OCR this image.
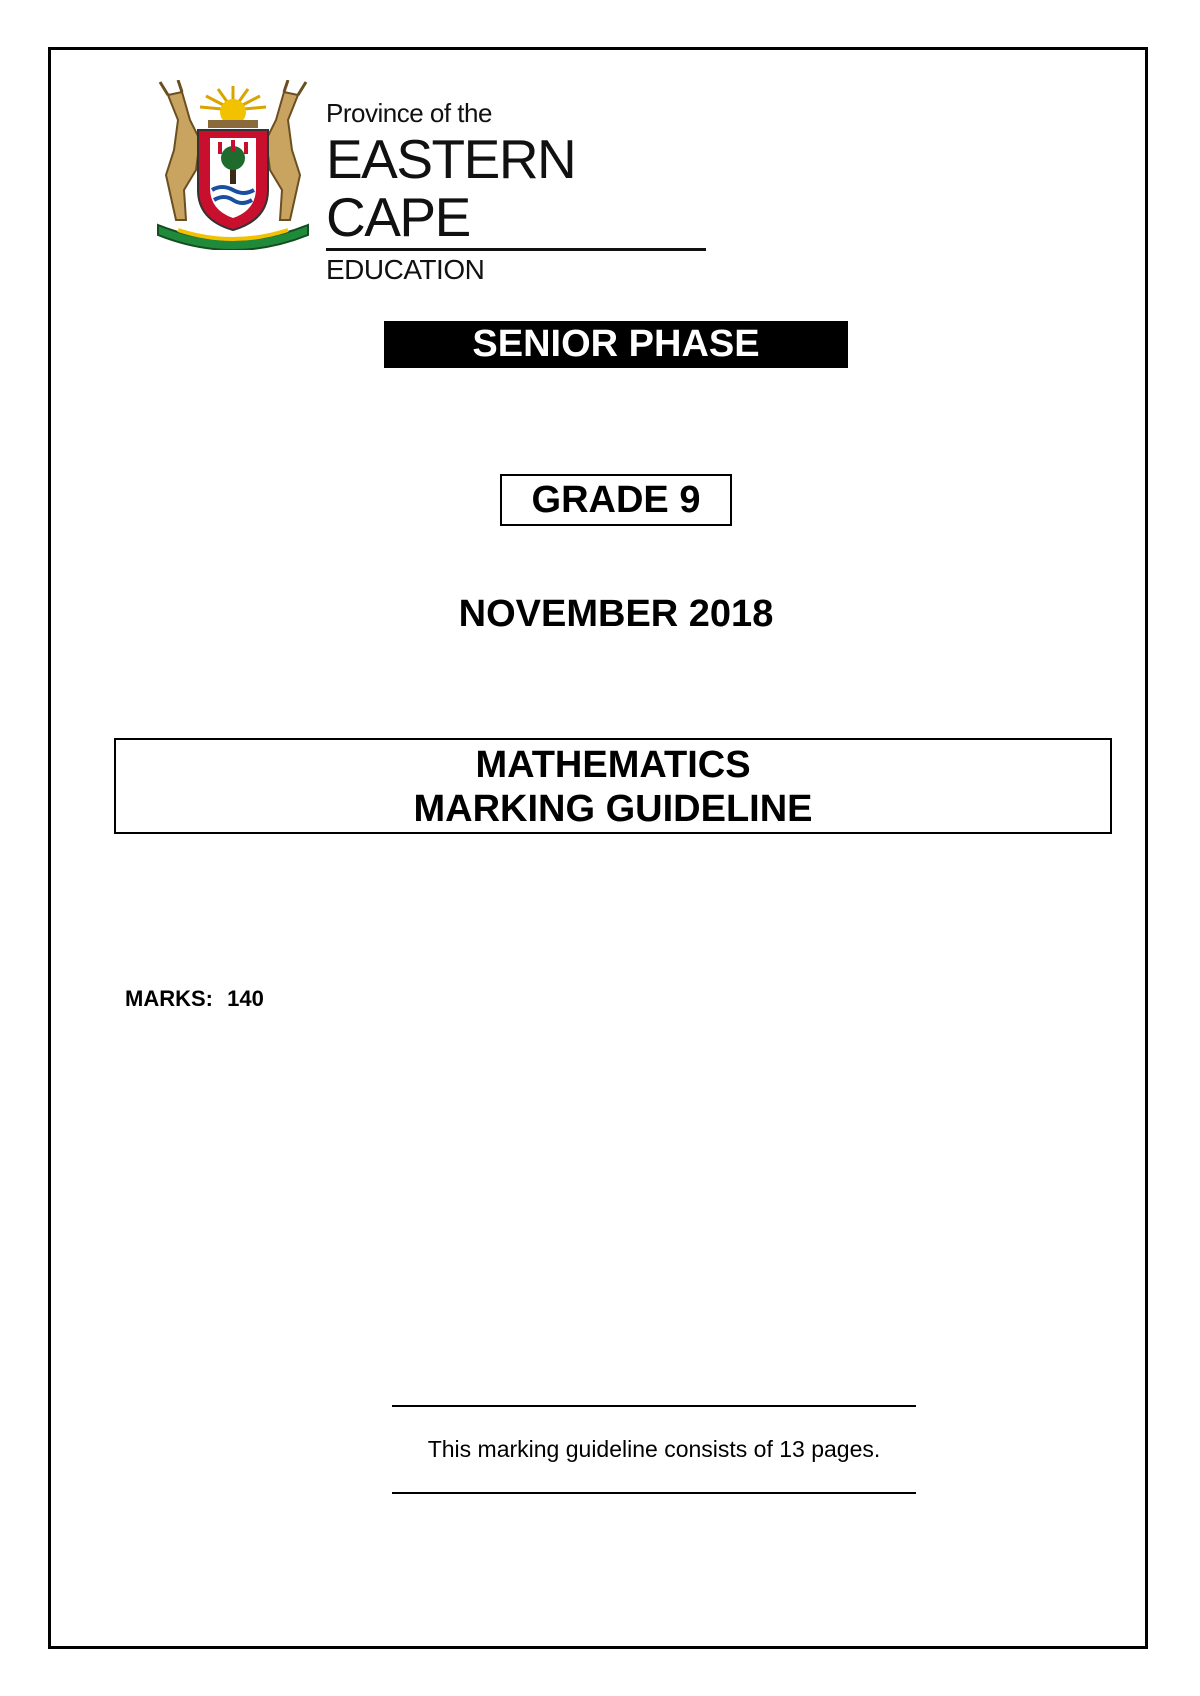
Province of the
EASTERN CAPE
EDUCATION
SENIOR PHASE
GRADE 9
NOVEMBER 2018
MATHEMATICS
MARKING GUIDELINE
MARKS: 140
This marking guideline consists of 13 pages.
